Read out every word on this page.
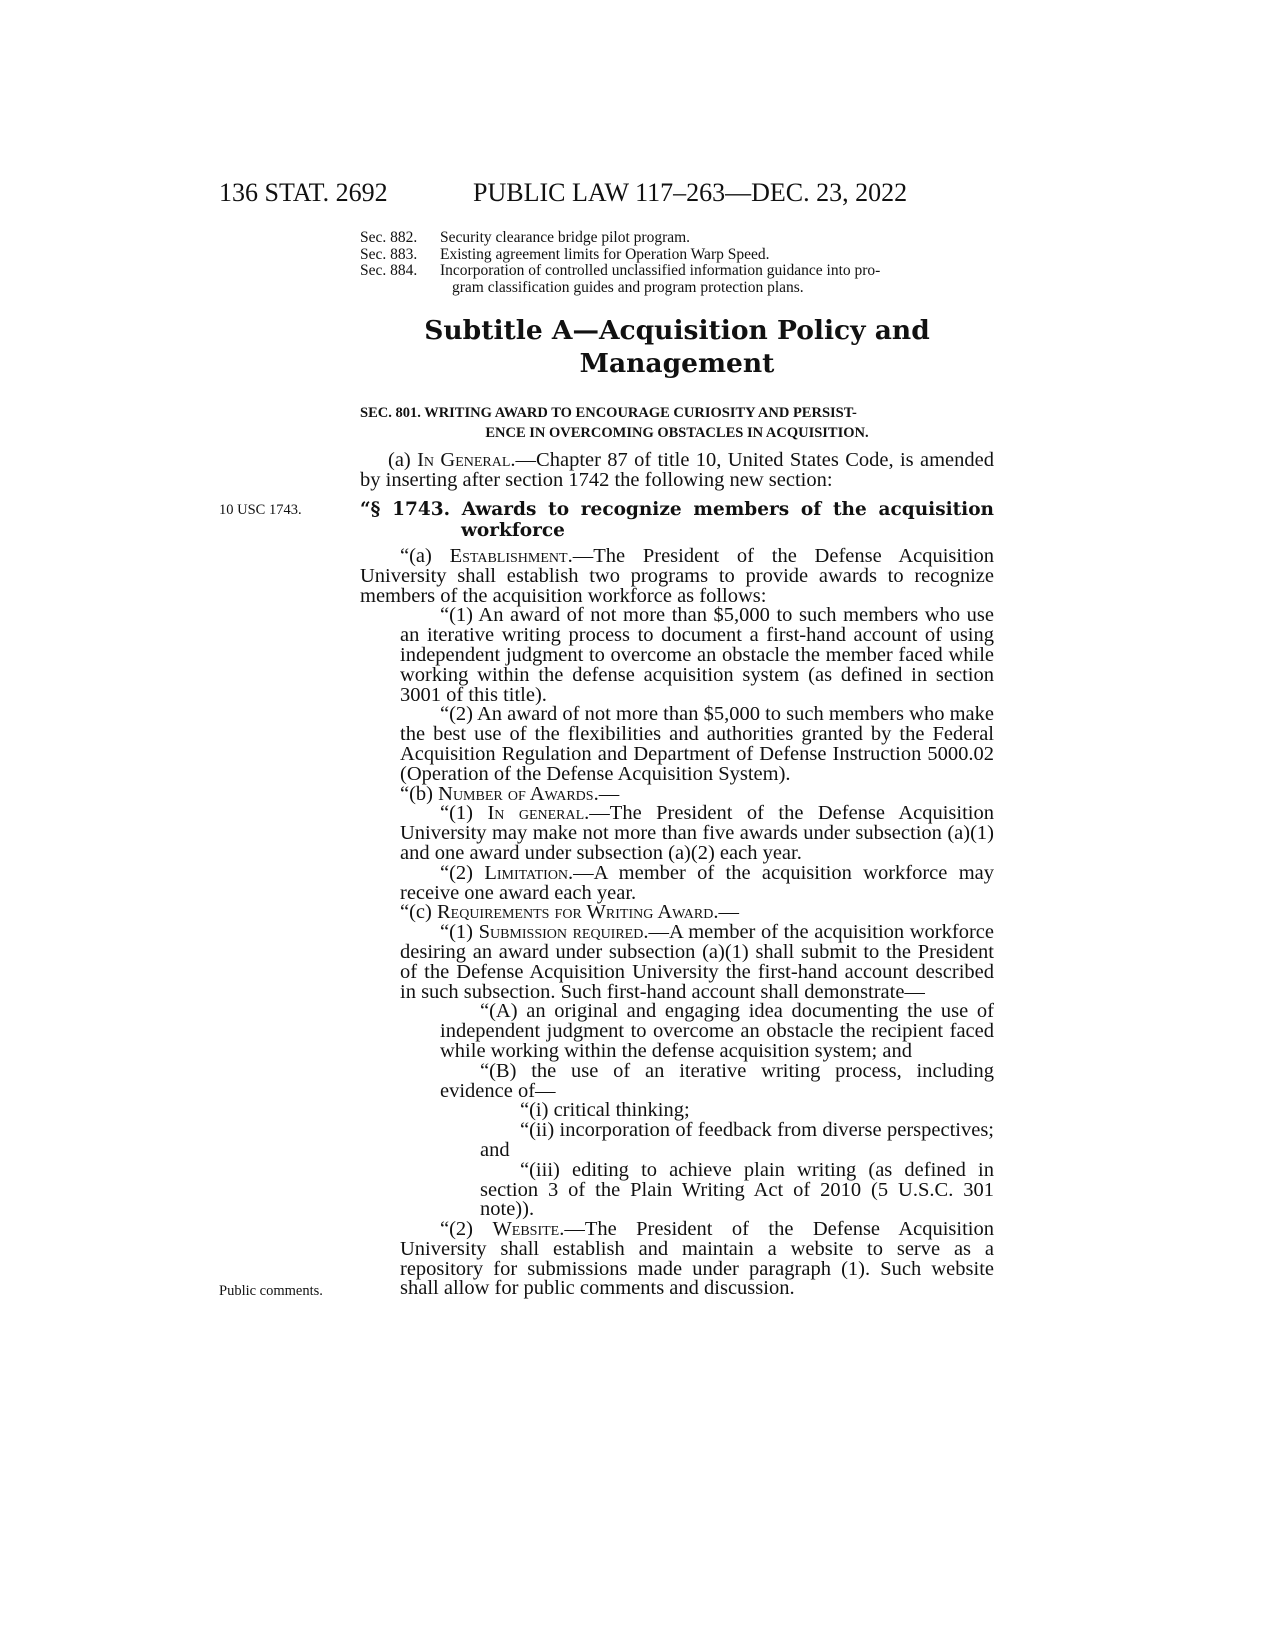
136 STAT. 2692	PUBLIC LAW 117–263—DEC. 23, 2022
Sec. 882. Security clearance bridge pilot program.
Sec. 883. Existing agreement limits for Operation Warp Speed.
Sec. 884. Incorporation of controlled unclassified information guidance into pro-
gram classification guides and program protection plans.
Subtitle A—Acquisition Policy and
Management
SEC. 801. WRITING AWARD TO ENCOURAGE CURIOSITY AND PERSIST-
ENCE IN OVERCOMING OBSTACLES IN ACQUISITION.

(a) In General.—Chapter 87 of title 10, United States Code, is amended by inserting after section 1742 the following new section:

10 USC 1743.	“§ 1743. Awards to recognize members of the acquisition
workforce

“(a) Establishment.—The President of the Defense Acquisition University shall establish two programs to provide awards to recognize members of the acquisition workforce as follows:

“(1) An award of not more than $5,000 to such members who use an iterative writing process to document a first-hand account of using independent judgment to overcome an obstacle the member faced while working within the defense acquisition system (as defined in section 3001 of this title).

“(2) An award of not more than $5,000 to such members who make the best use of the flexibilities and authorities granted by the Federal Acquisition Regulation and Department of Defense Instruction 5000.02 (Operation of the Defense Acquisition System).

“(b) Number of Awards.—

“(1) In general.—The President of the Defense Acquisition University may make not more than five awards under subsection (a)(1) and one award under subsection (a)(2) each year.

“(2) Limitation.—A member of the acquisition workforce may receive one award each year.

“(c) Requirements for Writing Award.—

“(1) Submission required.—A member of the acquisition workforce desiring an award under subsection (a)(1) shall submit to the President of the Defense Acquisition University the first-hand account described in such subsection. Such first-hand account shall demonstrate—

“(A) an original and engaging idea documenting the use of independent judgment to overcome an obstacle the recipient faced while working within the defense acquisition system; and

“(B) the use of an iterative writing process, including evidence of—

“(i) critical thinking;

“(ii) incorporation of feedback from diverse perspectives; and

“(iii) editing to achieve plain writing (as defined in section 3 of the Plain Writing Act of 2010 (5 U.S.C. 301 note)).

“(2) Website.—The President of the Defense Acquisition University shall establish and maintain a website to serve as a repository for submissions made under paragraph (1). Such website shall allow for public comments and discussion.

Public comments.
